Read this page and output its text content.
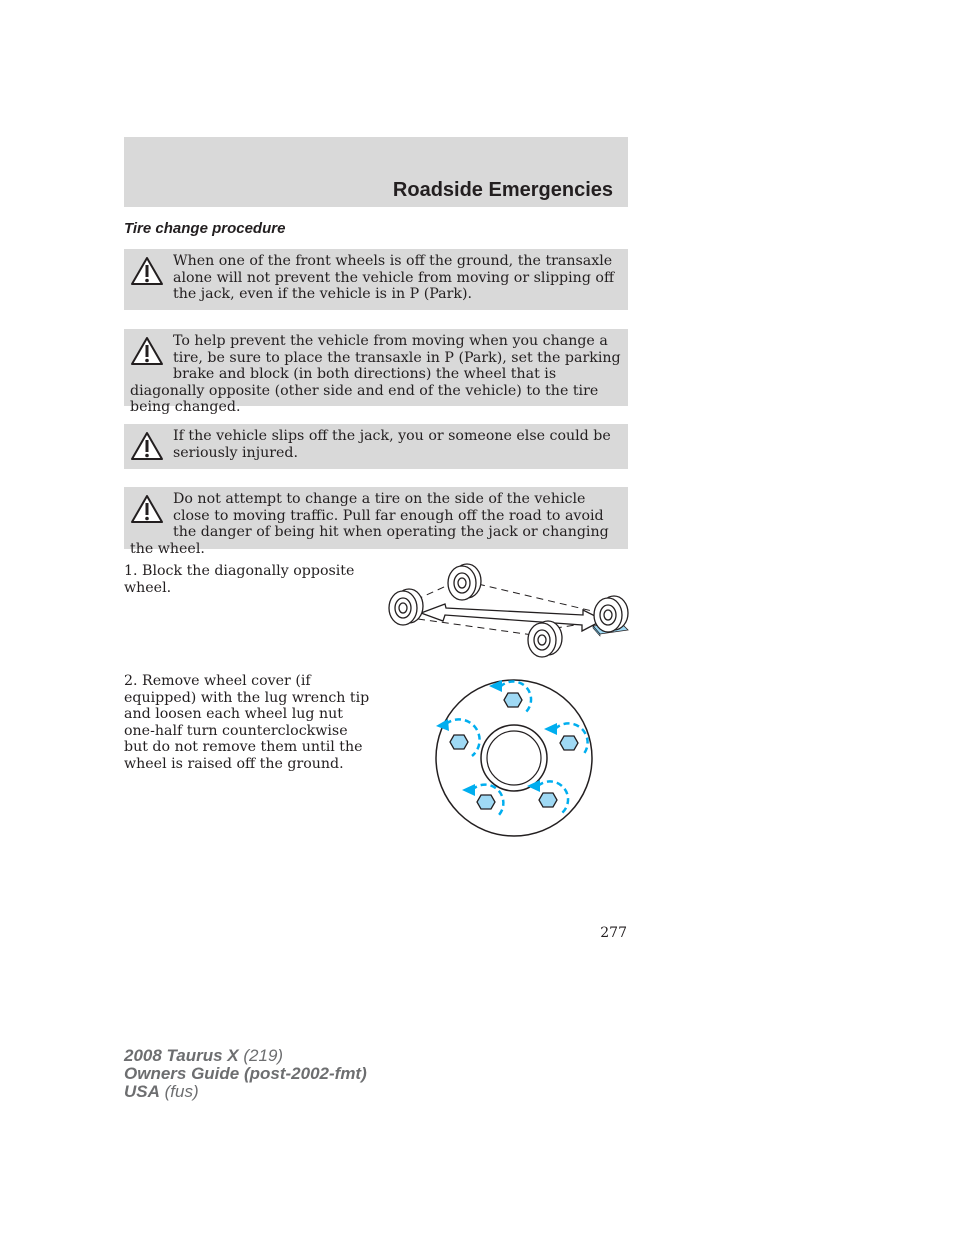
Roadside Emergencies
Tire change procedure
When one of the front wheels is off the ground, the transaxle alone will not prevent the vehicle from moving or slipping off the jack, even if the vehicle is in P (Park).
To help prevent the vehicle from moving when you change a tire, be sure to place the transaxle in P (Park), set the parking brake and block (in both directions) the wheel that is diagonally opposite (other side and end of the vehicle) to the tire being changed.
If the vehicle slips off the jack, you or someone else could be seriously injured.
Do not attempt to change a tire on the side of the vehicle close to moving traffic. Pull far enough off the road to avoid the danger of being hit when operating the jack or changing the wheel.
1. Block the diagonally opposite wheel.
2. Remove wheel cover (if equipped) with the lug wrench tip and loosen each wheel lug nut one-half turn counterclockwise but do not remove them until the wheel is raised off the ground.
277
2008 Taurus X (219)
Owners Guide (post-2002-fmt)
USA (fus)
